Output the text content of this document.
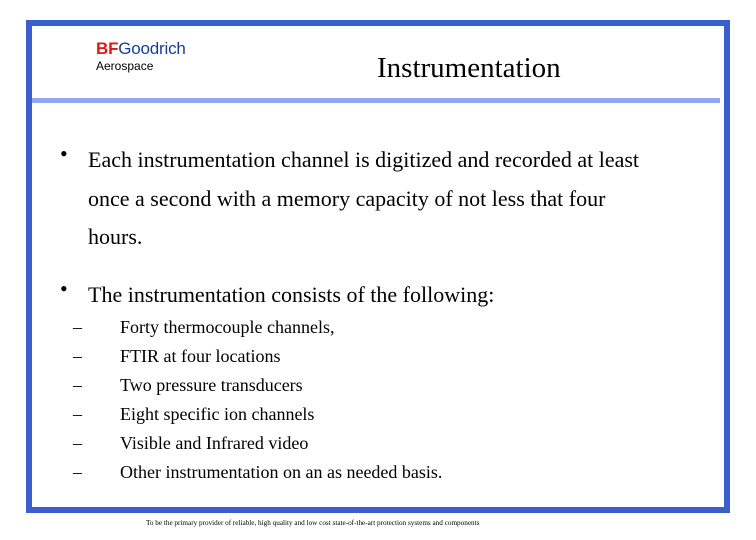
BFGoodrich
Aerospace	Instrumentation
• Each instrumentation channel is digitized and recorded at least
once a second with a memory capacity of not less that four
hours.
• The instrumentation consists of the following:
– Forty thermocouple channels,
– FTIR at four locations
– Two pressure transducers
– Eight specific ion channels
– Visible and Infrared video
– Other instrumentation on an as needed basis.
To be the primary provider of reliable, high quality and low cost state-of-the-art protection systems and components
